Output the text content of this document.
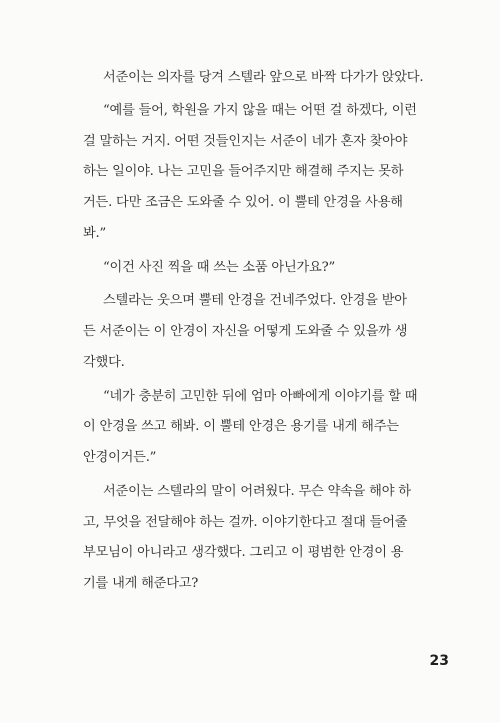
서준이는 의자를 당겨 스텔라 앞으로 바짝 다가가 앉았다.
“예를 들어, 학원을 가지 않을 때는 어떤 걸 하겠다, 이런
걸 말하는 거지. 어떤 것들인지는 서준이 네가 혼자 찾아야
하는 일이야. 나는 고민을 들어주지만 해결해 주지는 못하
거든. 다만 조금은 도와줄 수 있어. 이 뿔테 안경을 사용해
봐.”
“이건 사진 찍을 때 쓰는 소품 아닌가요?”
스텔라는 웃으며 뿔테 안경을 건네주었다. 안경을 받아
든 서준이는 이 안경이 자신을 어떻게 도와줄 수 있을까 생
각했다.
“네가 충분히 고민한 뒤에 엄마 아빠에게 이야기를 할 때
이 안경을 쓰고 해봐. 이 뿔테 안경은 용기를 내게 해주는
안경이거든.”
서준이는 스텔라의 말이 어려웠다. 무슨 약속을 해야 하
고, 무엇을 전달해야 하는 걸까. 이야기한다고 절대 들어줄
부모님이 아니라고 생각했다. 그리고 이 평범한 안경이 용
기를 내게 해준다고?
23
